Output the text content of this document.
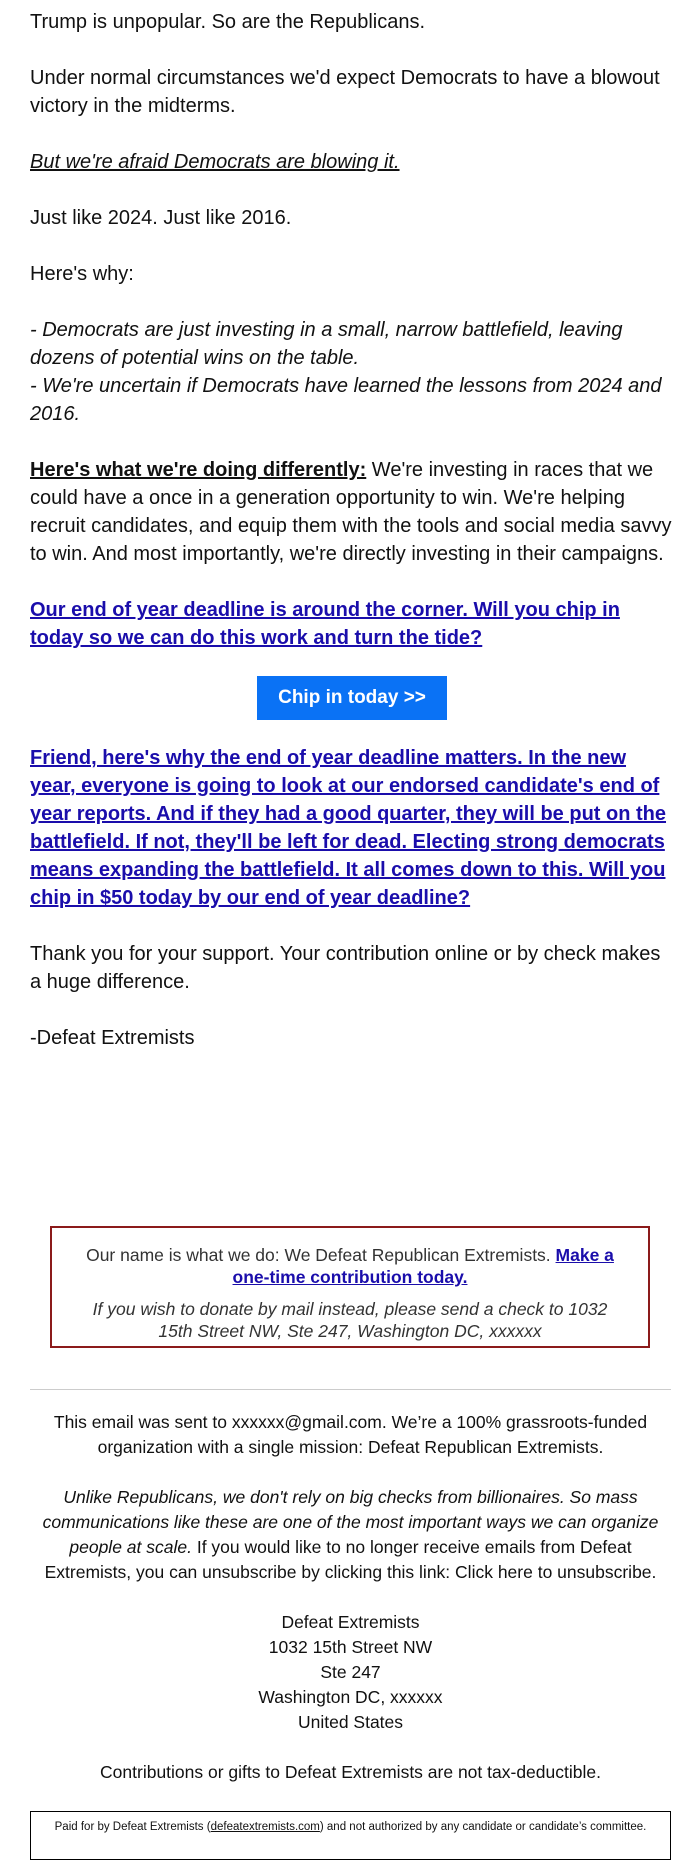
Trump is unpopular. So are the Republicans.

Under normal circumstances we'd expect Democrats to have a blowout victory in the midterms.

But we're afraid Democrats are blowing it.

Just like 2024. Just like 2016.

Here's why:

- Democrats are just investing in a small, narrow battlefield, leaving dozens of potential wins on the table.
- We're uncertain if Democrats have learned the lessons from 2024 and 2016.

Here's what we're doing differently: We're investing in races that we could have a once in a generation opportunity to win. We're helping recruit candidates, and equip them with the tools and social media savvy to win. And most importantly, we're directly investing in their campaigns.

Our end of year deadline is around the corner. Will you chip in today so we can do this work and turn the tide?

Chip in today >>

Friend, here's why the end of year deadline matters. In the new year, everyone is going to look at our endorsed candidate's end of year reports. And if they had a good quarter, they will be put on the battlefield. If not, they'll be left for dead. Electing strong democrats means expanding the battlefield. It all comes down to this. Will you chip in $50 today by our end of year deadline?

Thank you for your support. Your contribution online or by check makes a huge difference.

-Defeat Extremists

Our name is what we do: We Defeat Republican Extremists. Make a one-time contribution today.
If you wish to donate by mail instead, please send a check to 1032 15th Street NW, Ste 247, Washington DC, xxxxxx

This email was sent to xxxxxx@gmail.com. We’re a 100% grassroots-funded organization with a single mission: Defeat Republican Extremists.

Unlike Republicans, we don't rely on big checks from billionaires. So mass communications like these are one of the most important ways we can organize people at scale. If you would like to no longer receive emails from Defeat Extremists, you can unsubscribe by clicking this link: Click here to unsubscribe.

Defeat Extremists
1032 15th Street NW
Ste 247
Washington DC, xxxxxx
United States

Contributions or gifts to Defeat Extremists are not tax-deductible.

Paid for by Defeat Extremists (defeatextremists.com) and not authorized by any candidate or candidate’s committee.
